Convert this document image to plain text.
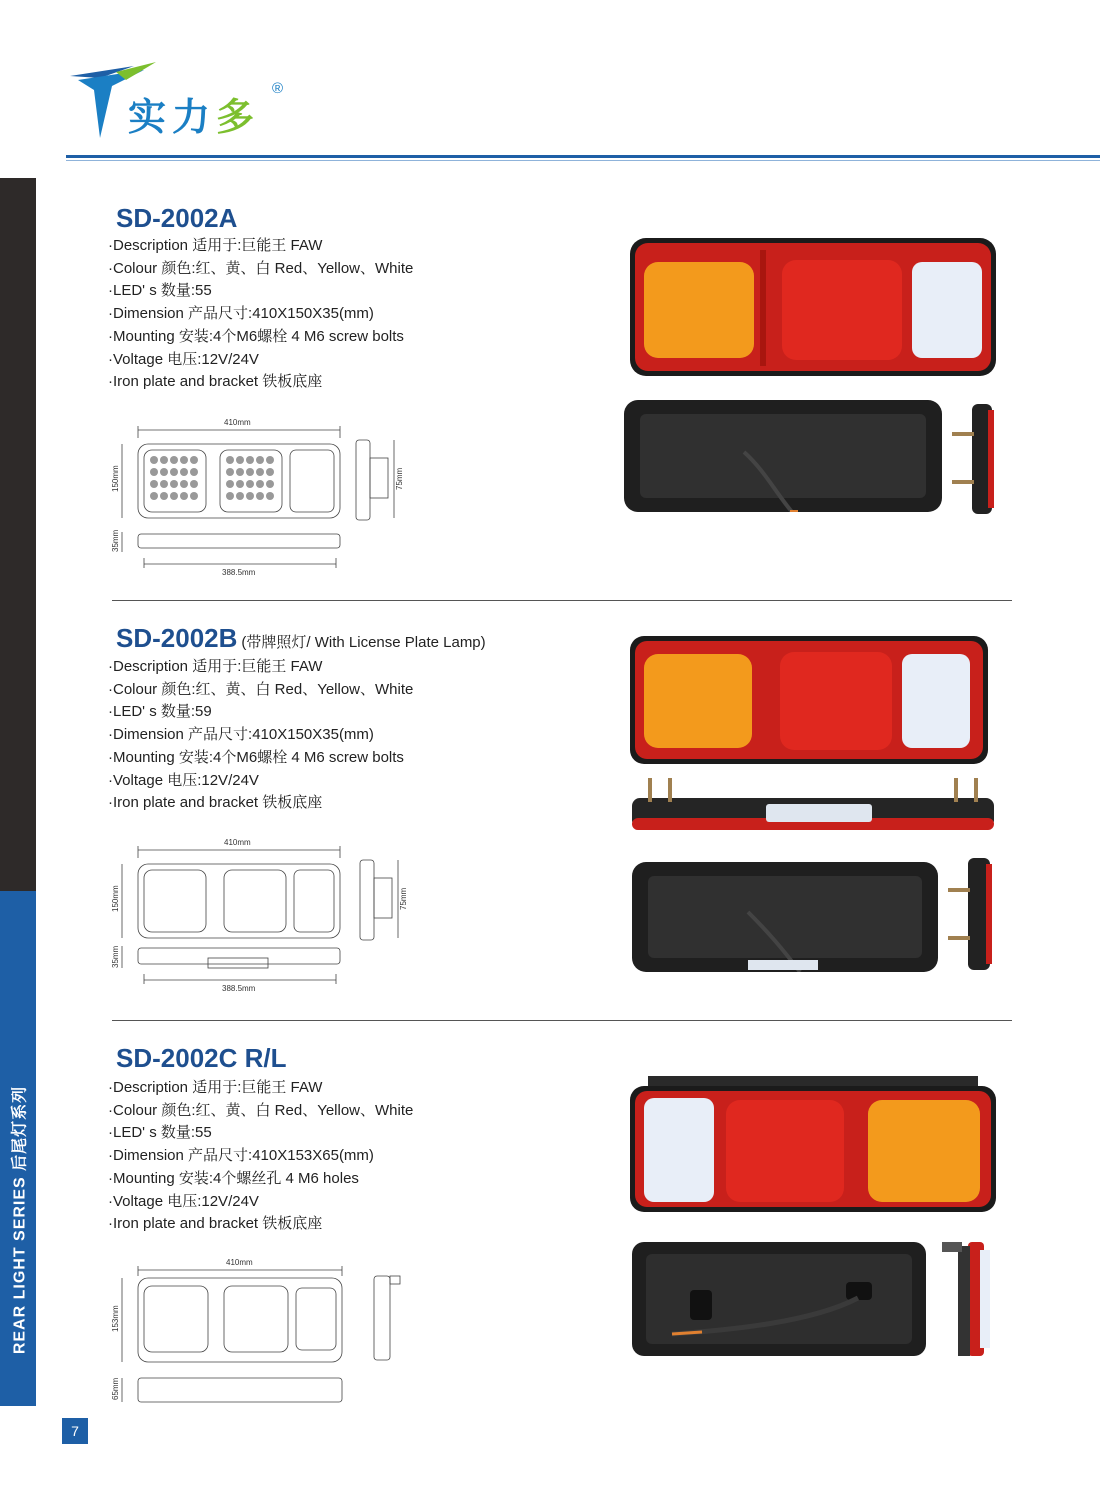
实力多
®
REAR LIGHT SERIES 后尾灯系列
7
SD-2002A
·Description 适用于:巨能王 FAW
·Colour 颜色:红、黄、白 Red、Yellow、White
·LED' s 数量:55
·Dimension 产品尺寸:410X150X35(mm)
·Mounting 安装:4个M6螺栓 4 M6 screw bolts
·Voltage 电压:12V/24V
·Iron plate and bracket 铁板底座
410mm
150mm	75mm
35mm
388.5mm
SD-2002B (带牌照灯/ With License Plate Lamp)
·Description 适用于:巨能王 FAW
·Colour 颜色:红、黄、白 Red、Yellow、White
·LED' s 数量:59
·Dimension 产品尺寸:410X150X35(mm)
·Mounting 安装:4个M6螺栓 4 M6 screw bolts
·Voltage 电压:12V/24V
·Iron plate and bracket 铁板底座
410mm
150mm	75mm
35mm
388.5mm
SD-2002C R/L
·Description 适用于:巨能王 FAW
·Colour 颜色:红、黄、白 Red、Yellow、White
·LED' s 数量:55
·Dimension 产品尺寸:410X153X65(mm)
·Mounting 安装:4个螺丝孔 4 M6 holes
·Voltage 电压:12V/24V
·Iron plate and bracket 铁板底座
410mm
153mm
65mm
